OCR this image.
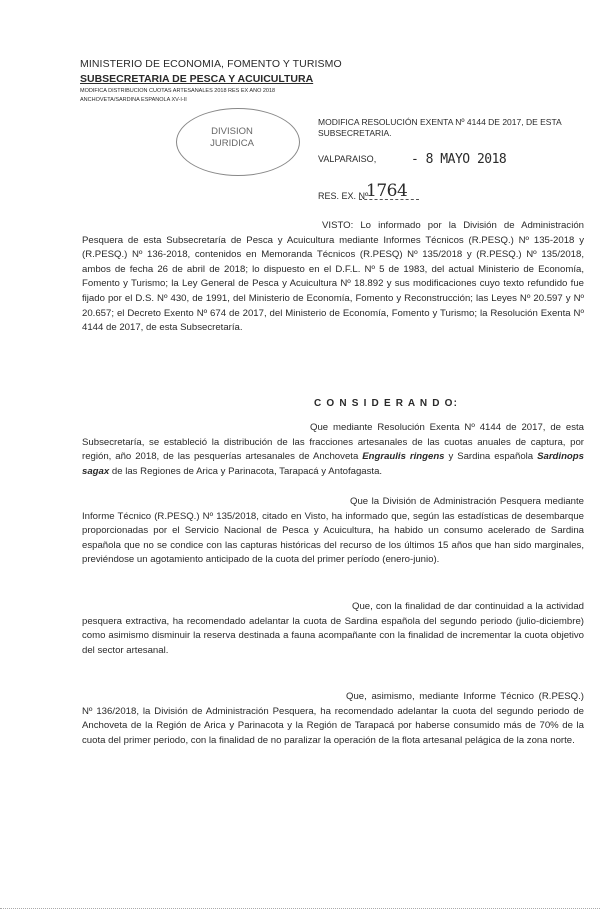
MINISTERIO DE ECONOMIA, FOMENTO Y TURISMO
SUBSECRETARIA DE PESCA Y ACUICULTURA
MODIFICA DISTRIBUCION CUOTAS ARTESANALES 2018 RES EX AÑO 2018
ANCHOVETA/SARDINA ESPAÑOLA XV-I-II
DIVISION JURIDICA
MODIFICA RESOLUCIÓN EXENTA Nº 4144 DE 2017, DE ESTA SUBSECRETARIA.
VALPARAISO,	- 8 MAYO 2018
RES. EX. Nº
1764
VISTO: Lo informado por la División de Administración Pesquera de esta Subsecretaría de Pesca y Acuicultura mediante Informes Técnicos (R.PESQ.) Nº 135-2018 y (R.PESQ.) Nº 136-2018, contenidos en Memoranda Técnicos (R.PESQ) Nº 135/2018 y (R.PESQ.) Nº 135/2018, ambos de fecha 26 de abril de 2018; lo dispuesto en el D.F.L. Nº 5 de 1983, del actual Ministerio de Economía, Fomento y Turismo; la Ley General de Pesca y Acuicultura Nº 18.892 y sus modificaciones cuyo texto refundido fue fijado por el D.S. Nº 430, de 1991, del Ministerio de Economía, Fomento y Reconstrucción; las Leyes Nº 20.597 y Nº 20.657; el Decreto Exento Nº 674 de 2017, del Ministerio de Economía, Fomento y Turismo; la Resolución Exenta Nº 4144 de 2017, de esta Subsecretaría.
C O N S I D E R A N D O:
Que mediante Resolución Exenta Nº 4144 de 2017, de esta Subsecretaría, se estableció la distribución de las fracciones artesanales de las cuotas anuales de captura, por región, año 2018, de las pesquerías artesanales de Anchoveta Engraulis ringens y Sardina española Sardinops sagax de las Regiones de Arica y Parinacota, Tarapacá y Antofagasta.
Que la División de Administración Pesquera mediante Informe Técnico (R.PESQ.) Nº 135/2018, citado en Visto, ha informado que, según las estadísticas de desembarque proporcionadas por el Servicio Nacional de Pesca y Acuicultura, ha habido un consumo acelerado de Sardina española que no se condice con las capturas históricas del recurso de los últimos 15 años que han sido marginales, previéndose un agotamiento anticipado de la cuota del primer período (enero-junio).
Que, con la finalidad de dar continuidad a la actividad pesquera extractiva, ha recomendado adelantar la cuota de Sardina española del segundo periodo (julio-diciembre) como asimismo disminuir la reserva destinada a fauna acompañante con la finalidad de incrementar la cuota objetivo del sector artesanal.
Que, asimismo, mediante Informe Técnico (R.PESQ.) Nº 136/2018, la División de Administración Pesquera, ha recomendado adelantar la cuota del segundo periodo de Anchoveta de la Región de Arica y Parinacota y la Región de Tarapacá por haberse consumido más de 70% de la cuota del primer periodo, con la finalidad de no paralizar la operación de la flota artesanal pelágica de la zona norte.
